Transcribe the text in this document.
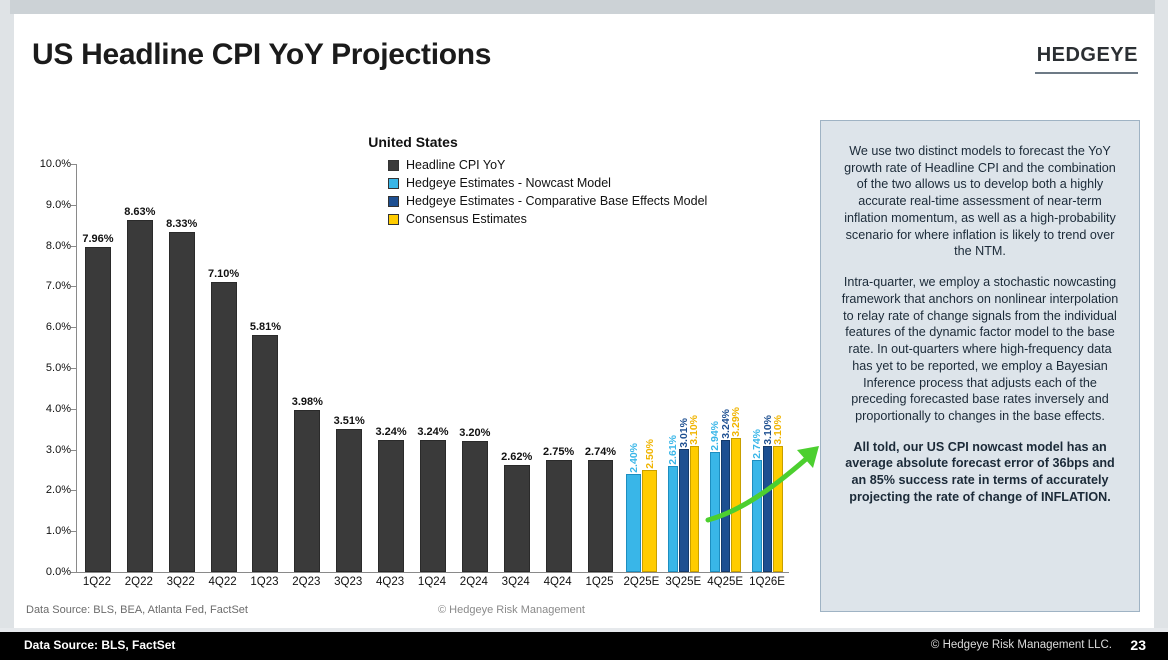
US Headline CPI YoY Projections	HEDGEYE
United States
Headline CPI YoY
Hedgeye Estimates - Nowcast Model
Hedgeye Estimates - Comparative Base Effects Model
Consensus Estimates
0.0%
1.0%
2.0%
3.0%
4.0%
5.0%
6.0%
7.0%
8.0%
9.0%
10.0%
7.96%
8.63%
8.33%
7.10%
5.81%
3.98%
3.51%
3.24% 3.24% 3.20%
2.62% 2.75% 2.74% 2.40% 2.50% 2.61%
3.01%
3.10% 2.94%
3.24%
3.29%
2.74%
3.10%
3.10%
1Q22 2Q22 3Q22 4Q22 1Q23 2Q23 3Q23 4Q23 1Q24 2Q24 3Q24 4Q24 1Q25 2Q25E 3Q25E 4Q25E 1Q26E
Data Source: BLS, BEA, Atlanta Fed, FactSet	© Hedgeye Risk Management

We use two distinct models to forecast the YoY growth rate of Headline CPI and the combination of the two allows us to develop both a highly accurate real-time assessment of near-term inflation momentum, as well as a high-probability scenario for where inflation is likely to trend over the NTM.

Intra-quarter, we employ a stochastic nowcasting framework that anchors on nonlinear interpolation to relay rate of change signals from the individual features of the dynamic factor model to the base rate. In out-quarters where high-frequency data has yet to be reported, we employ a Bayesian Inference process that adjusts each of the preceding forecasted base rates inversely and proportionally to changes in the base effects.

All told, our US CPI nowcast model has an average absolute forecast error of 36bps and an 85% success rate in terms of accurately projecting the rate of change of INFLATION.

Data Source: BLS, FactSet	© Hedgeye Risk Management LLC. 23
